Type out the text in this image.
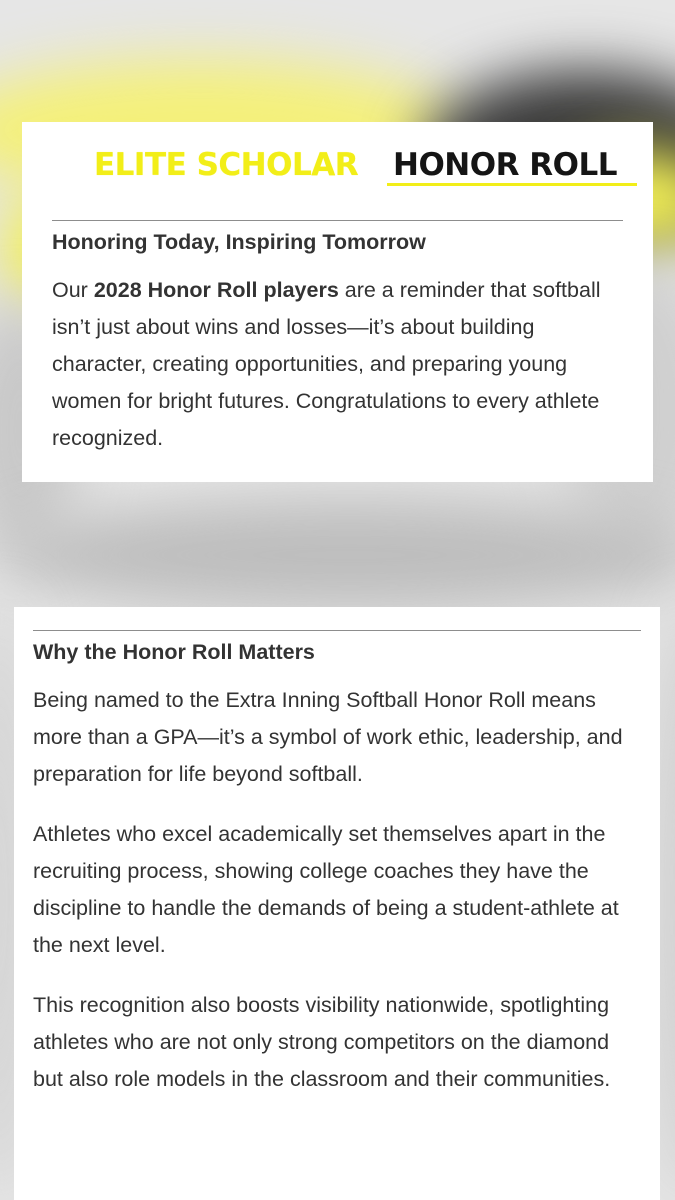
ELITE SCHOLAR HONOR ROLL

Honoring Today, Inspiring Tomorrow

Our 2028 Honor Roll players are a reminder that softball isn’t just about wins and losses—it’s about building character, creating opportunities, and preparing young women for bright futures. Congratulations to every athlete recognized.

Why the Honor Roll Matters

Being named to the Extra Inning Softball Honor Roll means more than a GPA—it’s a symbol of work ethic, leadership, and preparation for life beyond softball.

Athletes who excel academically set themselves apart in the recruiting process, showing college coaches they have the discipline to handle the demands of being a student-athlete at the next level.

This recognition also boosts visibility nationwide, spotlighting athletes who are not only strong competitors on the diamond but also role models in the classroom and their communities.
